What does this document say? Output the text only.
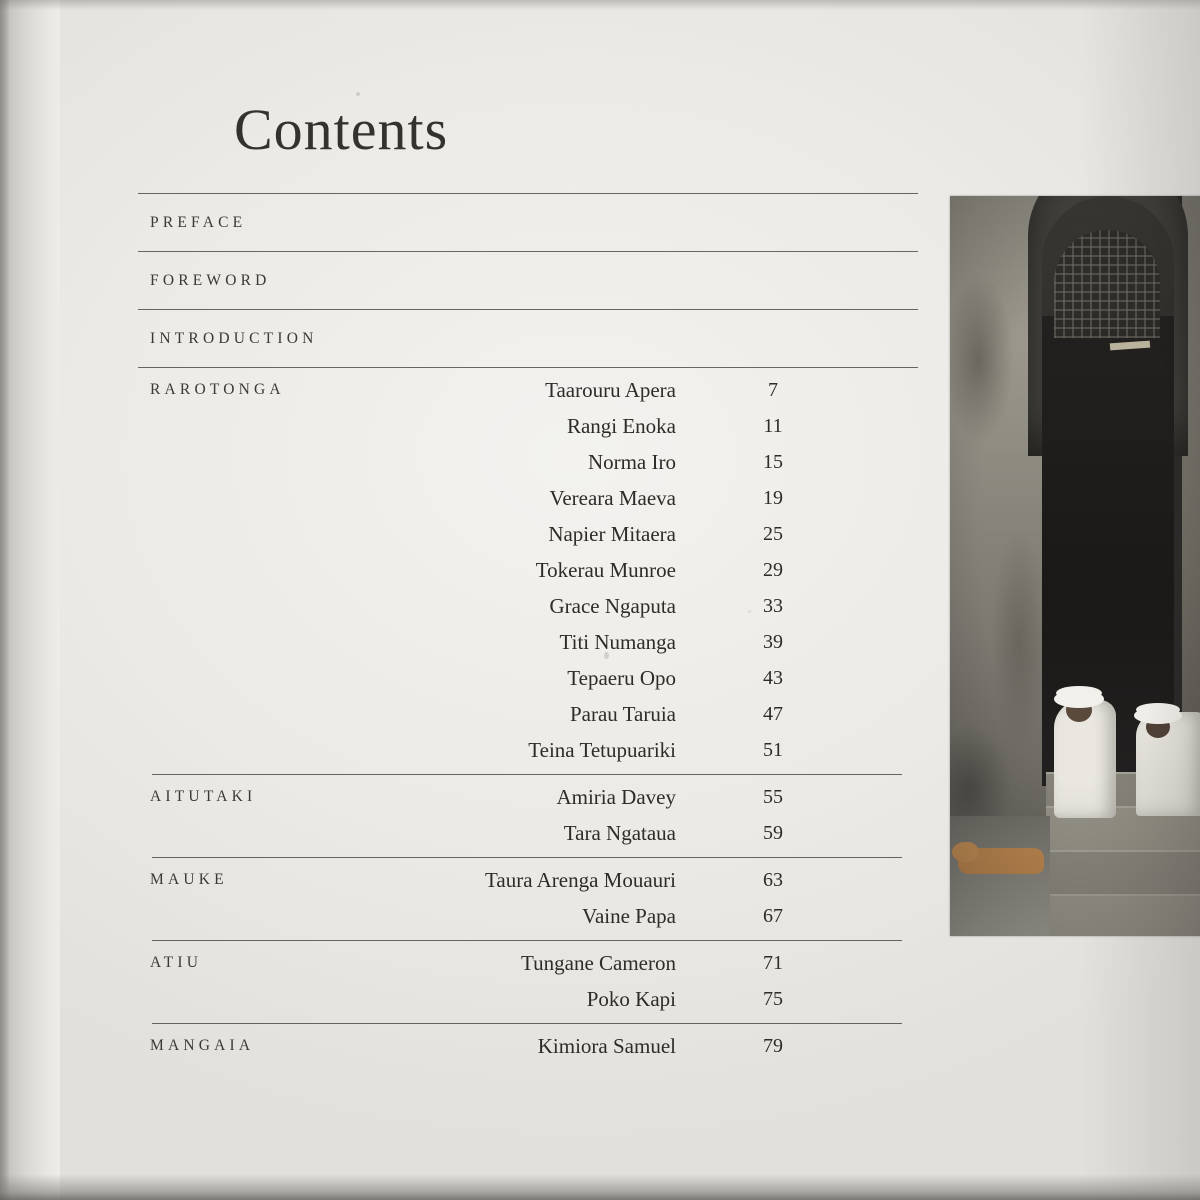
Contents
PREFACE
FOREWORD
INTRODUCTION
RAROTONGA	Taarouru Apera	7
Rangi Enoka	11
Norma Iro	15
Vereara Maeva	19
Napier Mitaera	25
Tokerau Munroe	29
Grace Ngaputa	33
Titi Numanga	39
Tepaeru Opo	43
Parau Taruia	47
Teina Tetupuariki	51
AITUTAKI	Amiria Davey	55
Tara Ngataua	59
MAUKE	Taura Arenga Mouauri	63
Vaine Papa	67
ATIU	Tungane Cameron	71
Poko Kapi	75
MANGAIA	Kimiora Samuel	79
